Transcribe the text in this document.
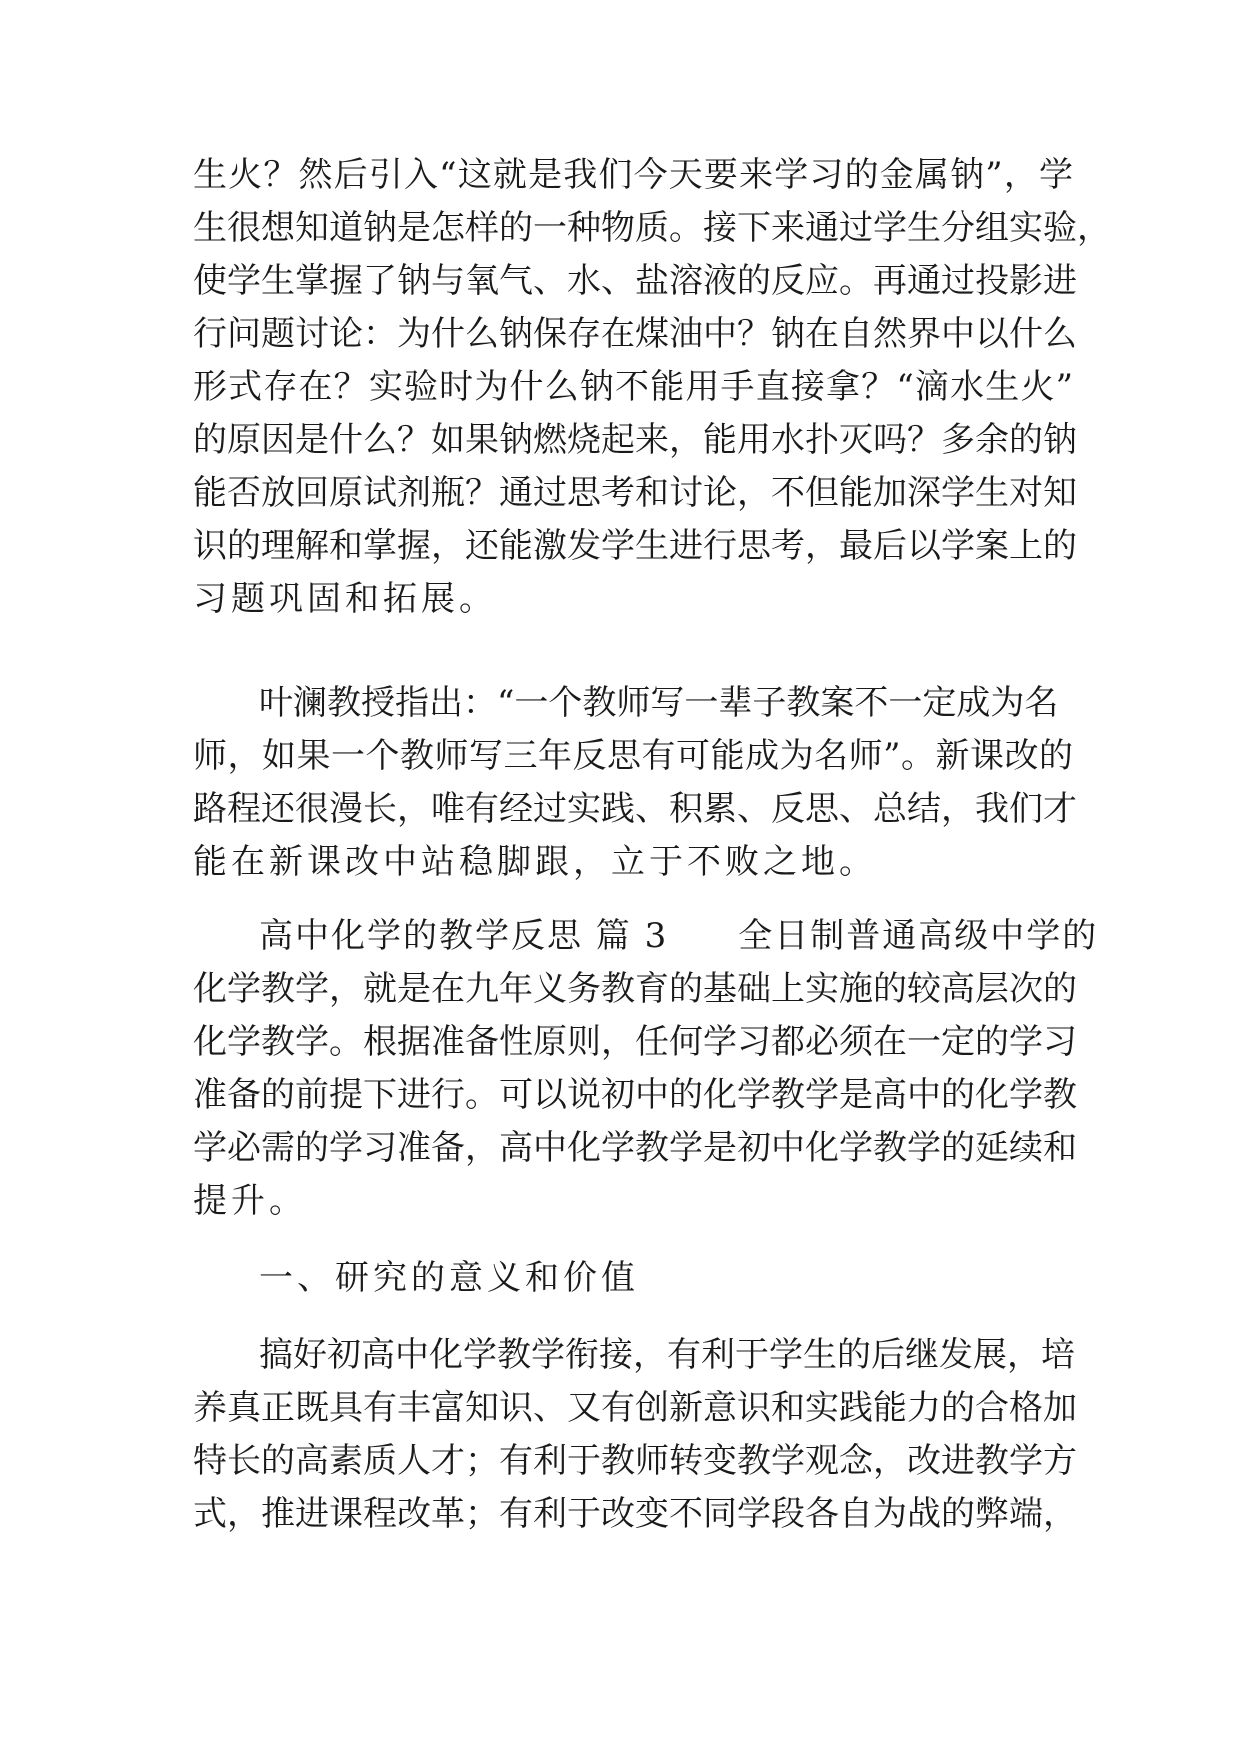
生火？然后引入“这就是我们今天要来学习的金属钠”，学
生很想知道钠是怎样的一种物质。接下来通过学生分组实验，
使学生掌握了钠与氧气、水、盐溶液的反应。再通过投影进
行问题讨论：为什么钠保存在煤油中？钠在自然界中以什么
形式存在？实验时为什么钠不能用手直接拿？“滴水生火”
的原因是什么？如果钠燃烧起来，能用水扑灭吗？多余的钠
能否放回原试剂瓶？通过思考和讨论，不但能加深学生对知
识的理解和掌握，还能激发学生进行思考，最后以学案上的
习题巩固和拓展。
叶澜教授指出：“一个教师写一辈子教案不一定成为名
师，如果一个教师写三年反思有可能成为名师”。新课改的
路程还很漫长，唯有经过实践、积累、反思、总结，我们才
能在新课改中站稳脚跟，立于不败之地。
高中化学的教学反思 篇 3 全日制普通高级中学的
化学教学，就是在九年义务教育的基础上实施的较高层次的
化学教学。根据准备性原则，任何学习都必须在一定的学习
准备的前提下进行。可以说初中的化学教学是高中的化学教
学必需的学习准备，高中化学教学是初中化学教学的延续和
提升。
一、研究的意义和价值
搞好初高中化学教学衔接，有利于学生的后继发展，培
养真正既具有丰富知识、又有创新意识和实践能力的合格加
特长的高素质人才；有利于教师转变教学观念，改进教学方
式，推进课程改革；有利于改变不同学段各自为战的弊端，
